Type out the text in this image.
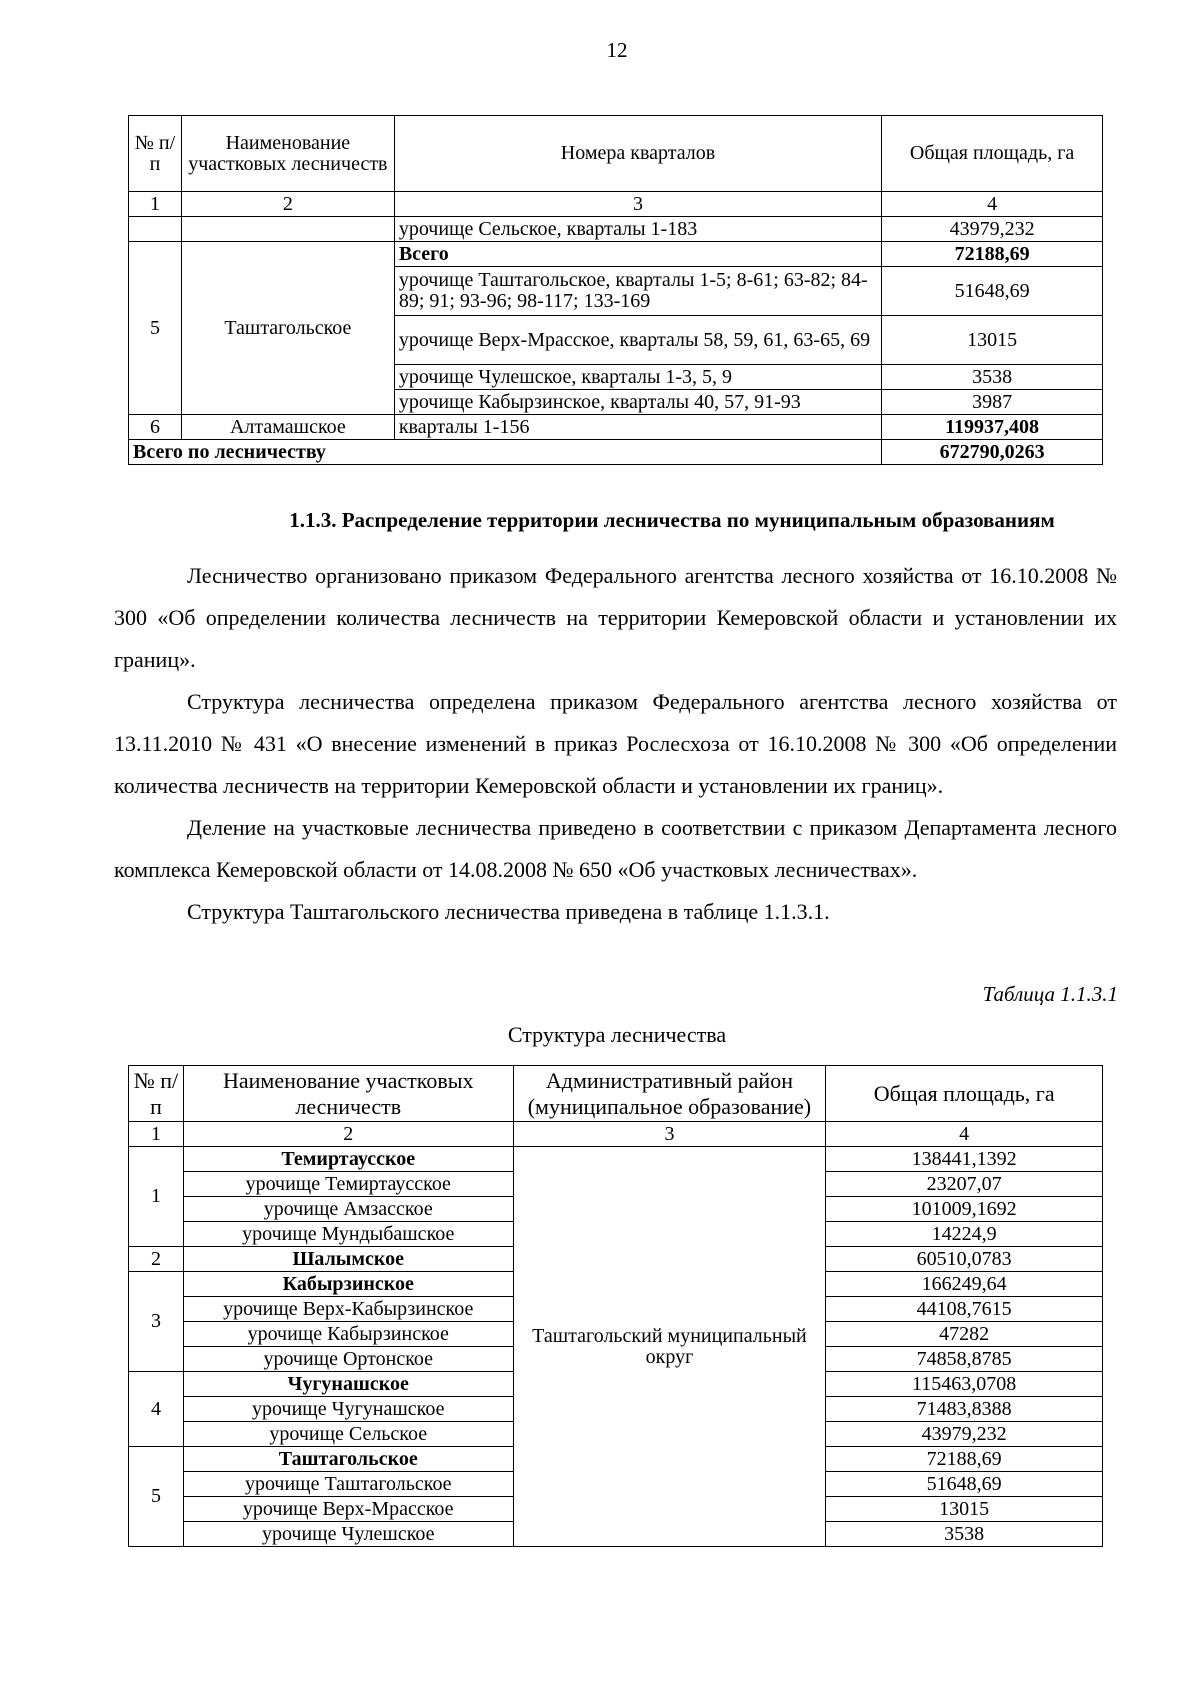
12
№ п/п	Наименование участковых лесничеств	Номера кварталов	Общая площадь, га
1	2	3	4
		урочище Сельское, кварталы 1-183	43979,232
5	Таштагольское	Всего	72188,69
		урочище Таштагольское, кварталы 1-5; 8-61; 63-82; 84-89; 91; 93-96; 98-117; 133-169	51648,69
		урочище Верх-Мрасское, кварталы 58, 59, 61, 63-65, 69	13015
		урочище Чулешское, кварталы 1-3, 5, 9	3538
		урочище Кабырзинское, кварталы 40, 57, 91-93	3987
6	Алтамашское	кварталы 1-156	119937,408
Всего по лесничеству			672790,0263
1.1.3. Распределение территории лесничества по муниципальным образованиям

Лесничество организовано приказом Федерального агентства лесного хозяйства от 16.10.2008 № 300 «Об определении количества лесничеств на территории Кемеровской области и установлении их границ».

Структура лесничества определена приказом Федерального агентства лесного хозяйства от 13.11.2010 № 431 «О внесение изменений в приказ Рослесхоза от 16.10.2008 № 300 «Об определении количества лесничеств на территории Кемеровской области и установлении их границ».

Деление на участковые лесничества приведено в соответствии с приказом Департамента лесного комплекса Кемеровской области от 14.08.2008 № 650 «Об участковых лесничествах».

Структура Таштагольского лесничества приведена в таблице 1.1.3.1.

Таблица 1.1.3.1
Структура лесничества
№ п/п	Наименование участковых лесничеств	Административный район (муниципальное образование)	Общая площадь, га
1	2	3	4
1	Темиртаусское	Таштагольский муниципальный округ	138441,1392
	урочище Темиртаусское		23207,07
	урочище Амзасское		101009,1692
	урочище Мундыбашское		14224,9
2	Шалымское		60510,0783
3	Кабырзинское		166249,64
	урочище Верх-Кабырзинское		44108,7615
	урочище Кабырзинское		47282
	урочище Ортонское		74858,8785
4	Чугунашское		115463,0708
	урочище Чугунашское		71483,8388
	урочище Сельское		43979,232
5	Таштагольское		72188,69
	урочище Таштагольское		51648,69
	урочище Верх-Мрасское		13015
	урочище Чулешское		3538
